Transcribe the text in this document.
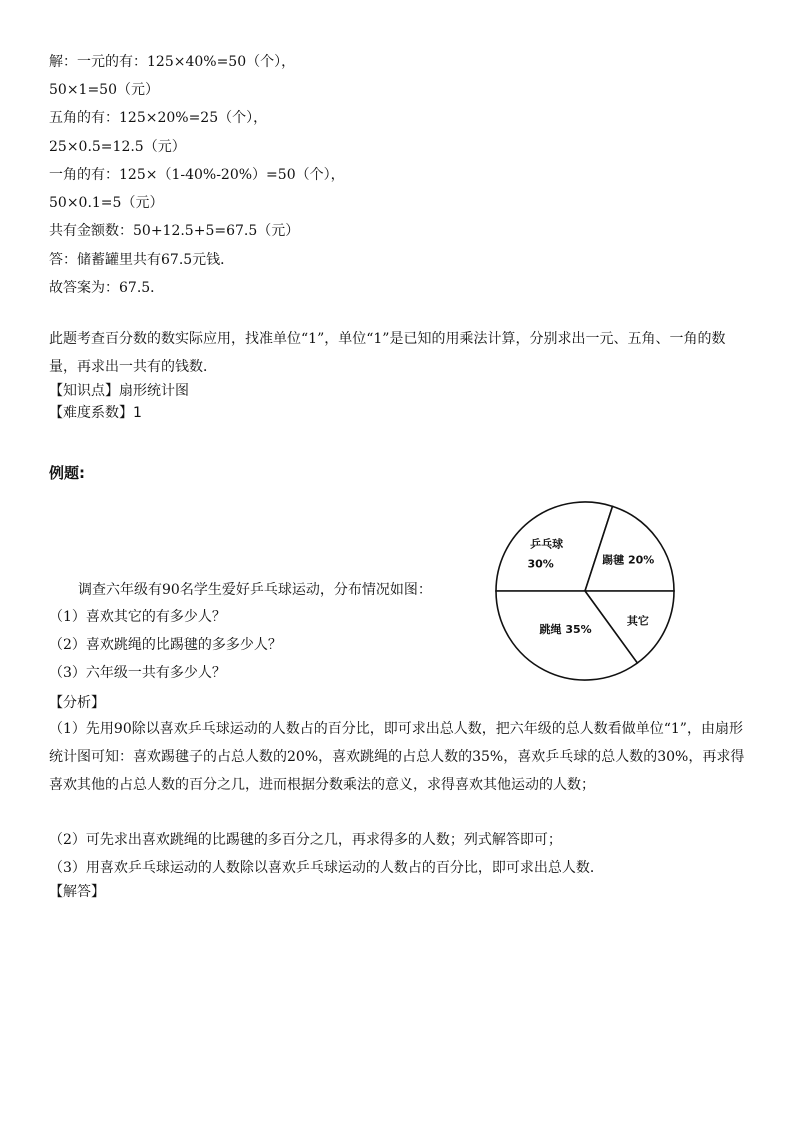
解：一元的有：125×40%=50（个），
50×1=50（元）
五角的有：125×20%=25（个），
25×0.5=12.5（元）
一角的有：125×（1-40%-20%）=50（个），
50×0.1=5（元）
共有金额数：50+12.5+5=67.5（元）
答：储蓄罐里共有67.5元钱．
故答案为：67.5．
此题考查百分数的数实际应用，找准单位“1”，单位“1”是已知的用乘法计算，分别求出一元、五角、一角的数量，再求出一共有的钱数．
【知识点】扇形统计图
【难度系数】1
例题:
调查六年级有90名学生爱好乒乓球运动，分布情况如图：
（1）喜欢其它的有多少人？
（2）喜欢跳绳的比踢毽的多多少人？
（3）六年级一共有多少人？
乒乓球 30%	踢毽 20%
其它
跳绳 35%
【分析】
（1）先用90除以喜欢乒乓球运动的人数占的百分比，即可求出总人数，把六年级的总人数看做单位“1”，由扇形统计图可知：喜欢踢毽子的占总人数的20%，喜欢跳绳的占总人数的35%，喜欢乒乓球的总人数的30%，再求得喜欢其他的占总人数的百分之几，进而根据分数乘法的意义，求得喜欢其他运动的人数；
（2）可先求出喜欢跳绳的比踢毽的多百分之几，再求得多的人数；列式解答即可；
（3）用喜欢乒乓球运动的人数除以喜欢乒乓球运动的人数占的百分比，即可求出总人数．
【解答】
